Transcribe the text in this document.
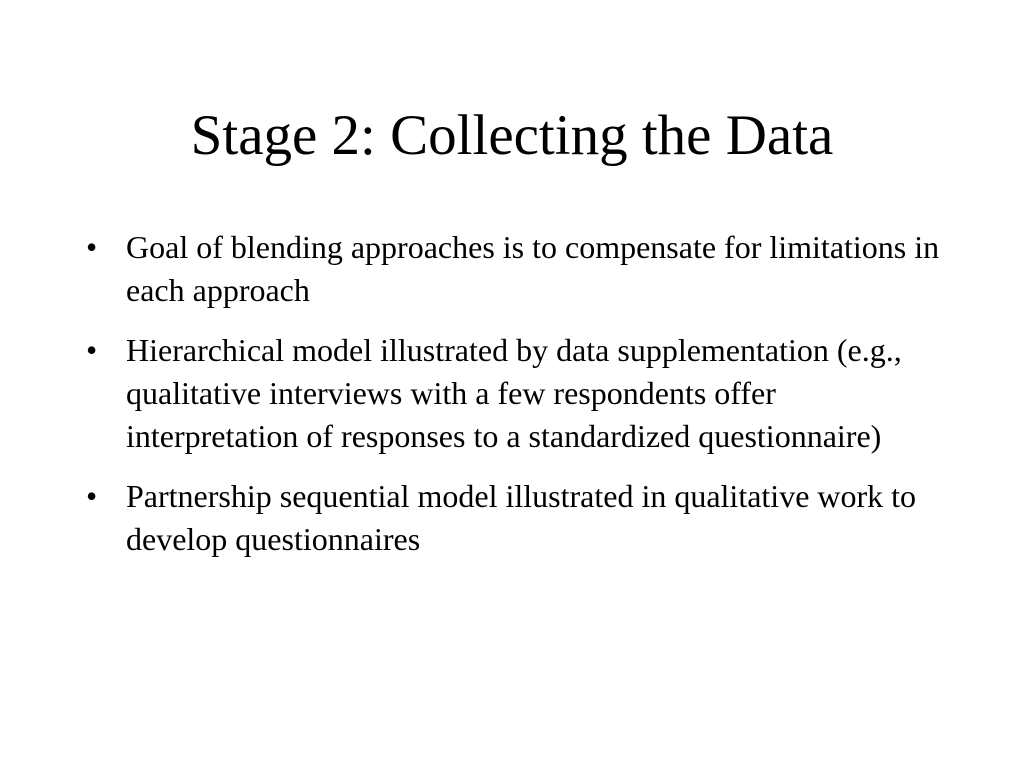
Stage 2: Collecting the Data
• Goal of blending approaches is to compensate for limitations in each approach
• Hierarchical model illustrated by data supplementation (e.g., qualitative interviews with a few respondents offer interpretation of responses to a standardized questionnaire)
• Partnership sequential model illustrated in qualitative work to develop questionnaires
